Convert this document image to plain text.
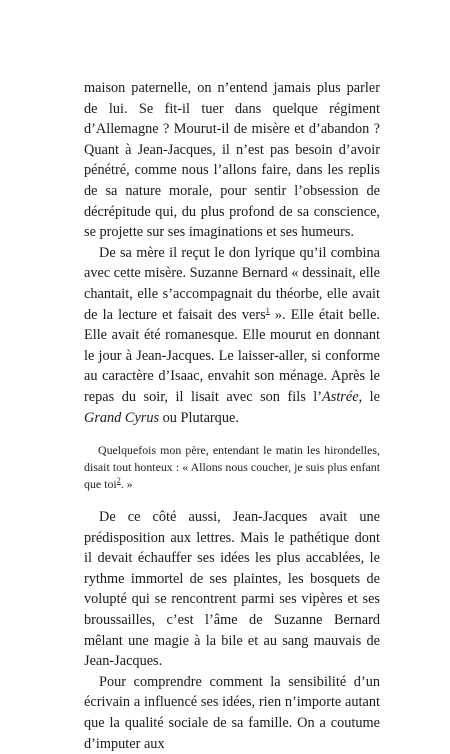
maison paternelle, on n’entend jamais plus parler de lui. Se fit-il tuer dans quelque régiment d’Allemagne ? Mourut-il de misère et d’abandon ? Quant à Jean-Jacques, il n’est pas besoin d’avoir pénétré, comme nous l’allons faire, dans les replis de sa nature morale, pour sentir l’obsession de décrépitude qui, du plus profond de sa conscience, se projette sur ses imaginations et ses humeurs.

De sa mère il reçut le don lyrique qu’il combina avec cette misère. Suzanne Bernard « dessinait, elle chantait, elle s’accompagnait du théorbe, elle avait de la lecture et faisait des vers$^1$ ». Elle était belle. Elle avait été romanesque. Elle mourut en donnant le jour à Jean-Jacques. Le laisser-aller, si conforme au caractère d’Isaac, envahit son ménage. Après le repas du soir, il lisait avec son fils l’Astrée, le Grand Cyrus ou Plutarque.

Quelquefois mon père, entendant le matin les hirondelles, disait tout honteux : « Allons nous coucher, je suis plus enfant que toi$^2$. »

De ce côté aussi, Jean-Jacques avait une prédisposition aux lettres. Mais le pathétique dont il devait échauffer ses idées les plus accablées, le rythme immortel de ses plaintes, les bosquets de volupté qui se rencontrent parmi ses vipères et ses broussailles, c’est l’âme de Suzanne Bernard mêlant une magie à la bile et au sang mauvais de Jean-Jacques.

Pour comprendre comment la sensibilité d’un écrivain a influencé ses idées, rien n’importe autant que la qualité sociale de sa famille. On a coutume d’imputer aux
